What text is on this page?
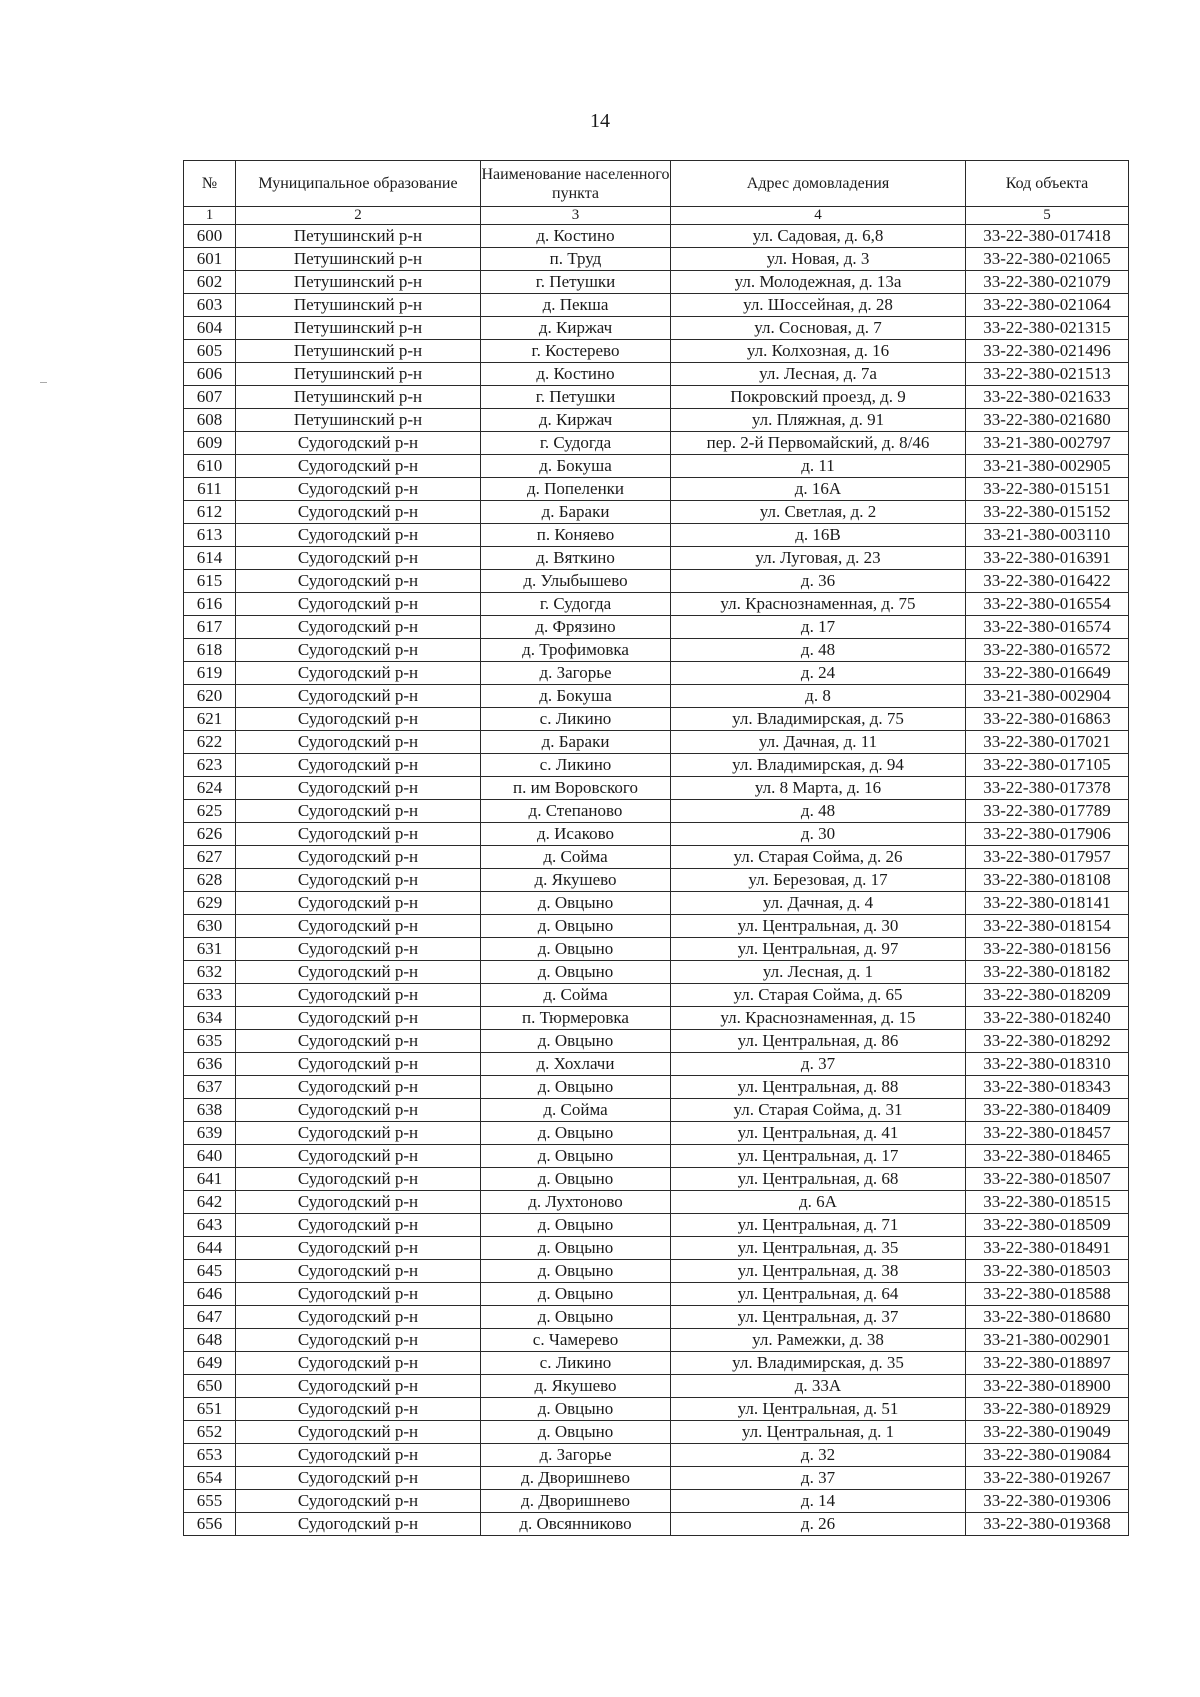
14
№	Муниципальное образование	Наименование населенного пункта	Адрес домовладения	Код объекта
1	2	3	4	5
600	Петушинский р-н	д. Костино	ул. Садовая, д. 6,8	33-22-380-017418
601	Петушинский р-н	п. Труд	ул. Новая, д. 3	33-22-380-021065
602	Петушинский р-н	г. Петушки	ул. Молодежная, д. 13а	33-22-380-021079
603	Петушинский р-н	д. Пекша	ул. Шоссейная, д. 28	33-22-380-021064
604	Петушинский р-н	д. Киржач	ул. Сосновая, д. 7	33-22-380-021315
605	Петушинский р-н	г. Костерево	ул. Колхозная, д. 16	33-22-380-021496
606	Петушинский р-н	д. Костино	ул. Лесная, д. 7а	33-22-380-021513
607	Петушинский р-н	г. Петушки	Покровский проезд, д. 9	33-22-380-021633
608	Петушинский р-н	д. Киржач	ул. Пляжная, д. 91	33-22-380-021680
609	Судогодский р-н	г. Судогда	пер. 2-й Первомайский, д. 8/46	33-21-380-002797
610	Судогодский р-н	д. Бокуша	д. 11	33-21-380-002905
611	Судогодский р-н	д. Попеленки	д. 16А	33-22-380-015151
612	Судогодский р-н	д. Бараки	ул. Светлая, д. 2	33-22-380-015152
613	Судогодский р-н	п. Коняево	д. 16В	33-21-380-003110
614	Судогодский р-н	д. Вяткино	ул. Луговая, д. 23	33-22-380-016391
615	Судогодский р-н	д. Улыбышево	д. 36	33-22-380-016422
616	Судогодский р-н	г. Судогда	ул. Краснознаменная, д. 75	33-22-380-016554
617	Судогодский р-н	д. Фрязино	д. 17	33-22-380-016574
618	Судогодский р-н	д. Трофимовка	д. 48	33-22-380-016572
619	Судогодский р-н	д. Загорье	д. 24	33-22-380-016649
620	Судогодский р-н	д. Бокуша	д. 8	33-21-380-002904
621	Судогодский р-н	с. Ликино	ул. Владимирская, д. 75	33-22-380-016863
622	Судогодский р-н	д. Бараки	ул. Дачная, д. 11	33-22-380-017021
623	Судогодский р-н	с. Ликино	ул. Владимирская, д. 94	33-22-380-017105
624	Судогодский р-н	п. им Воровского	ул. 8 Марта, д. 16	33-22-380-017378
625	Судогодский р-н	д. Степаново	д. 48	33-22-380-017789
626	Судогодский р-н	д. Исаково	д. 30	33-22-380-017906
627	Судогодский р-н	д. Сойма	ул. Старая Сойма, д. 26	33-22-380-017957
628	Судогодский р-н	д. Якушево	ул. Березовая, д. 17	33-22-380-018108
629	Судогодский р-н	д. Овцыно	ул. Дачная, д. 4	33-22-380-018141
630	Судогодский р-н	д. Овцыно	ул. Центральная, д. 30	33-22-380-018154
631	Судогодский р-н	д. Овцыно	ул. Центральная, д. 97	33-22-380-018156
632	Судогодский р-н	д. Овцыно	ул. Лесная, д. 1	33-22-380-018182
633	Судогодский р-н	д. Сойма	ул. Старая Сойма, д. 65	33-22-380-018209
634	Судогодский р-н	п. Тюрмеровка	ул. Краснознаменная, д. 15	33-22-380-018240
635	Судогодский р-н	д. Овцыно	ул. Центральная, д. 86	33-22-380-018292
636	Судогодский р-н	д. Хохлачи	д. 37	33-22-380-018310
637	Судогодский р-н	д. Овцыно	ул. Центральная, д. 88	33-22-380-018343
638	Судогодский р-н	д. Сойма	ул. Старая Сойма, д. 31	33-22-380-018409
639	Судогодский р-н	д. Овцыно	ул. Центральная, д. 41	33-22-380-018457
640	Судогодский р-н	д. Овцыно	ул. Центральная, д. 17	33-22-380-018465
641	Судогодский р-н	д. Овцыно	ул. Центральная, д. 68	33-22-380-018507
642	Судогодский р-н	д. Лухтоново	д. 6А	33-22-380-018515
643	Судогодский р-н	д. Овцыно	ул. Центральная, д. 71	33-22-380-018509
644	Судогодский р-н	д. Овцыно	ул. Центральная, д. 35	33-22-380-018491
645	Судогодский р-н	д. Овцыно	ул. Центральная, д. 38	33-22-380-018503
646	Судогодский р-н	д. Овцыно	ул. Центральная, д. 64	33-22-380-018588
647	Судогодский р-н	д. Овцыно	ул. Центральная, д. 37	33-22-380-018680
648	Судогодский р-н	с. Чамерево	ул. Рамежки, д. 38	33-21-380-002901
649	Судогодский р-н	с. Ликино	ул. Владимирская, д. 35	33-22-380-018897
650	Судогодский р-н	д. Якушево	д. 33А	33-22-380-018900
651	Судогодский р-н	д. Овцыно	ул. Центральная, д. 51	33-22-380-018929
652	Судогодский р-н	д. Овцыно	ул. Центральная, д. 1	33-22-380-019049
653	Судогодский р-н	д. Загорье	д. 32	33-22-380-019084
654	Судогодский р-н	д. Дворишнево	д. 37	33-22-380-019267
655	Судогодский р-н	д. Дворишнево	д. 14	33-22-380-019306
656	Судогодский р-н	д. Овсянниково	д. 26	33-22-380-019368
